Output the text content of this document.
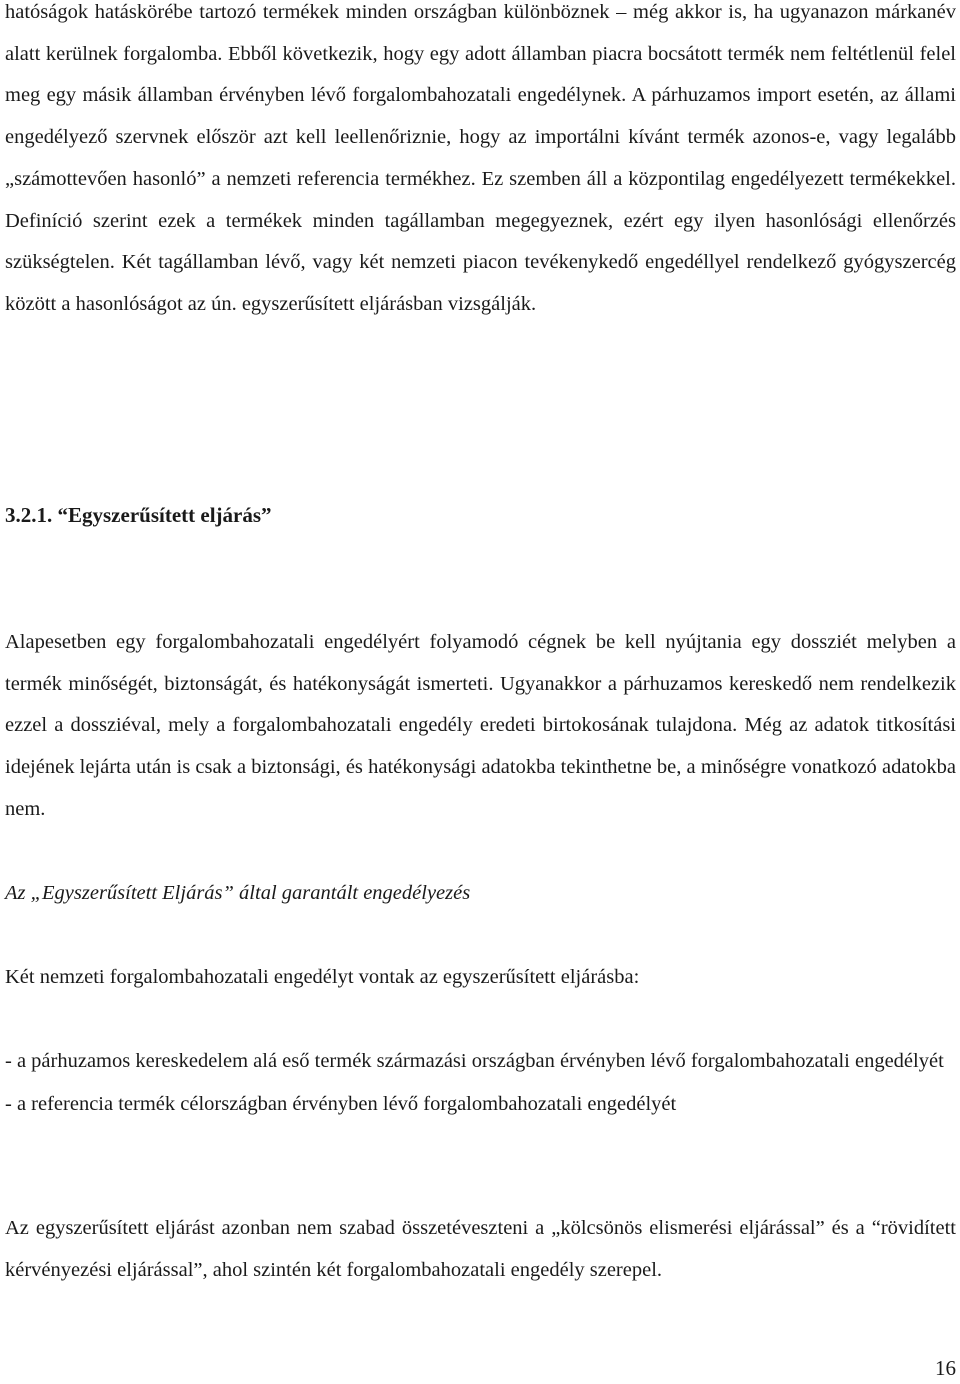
hatóságok hatáskörébe tartozó termékek minden országban különböznek – még akkor is, ha ugyanazon márkanév alatt kerülnek forgalomba. Ebből következik, hogy egy adott államban piacra bocsátott termék nem feltétlenül felel meg egy másik államban érvényben lévő forgalombahozatali engedélynek. A párhuzamos import esetén, az állami engedélyező szervnek először azt kell leellenőriznie, hogy az importálni kívánt termék azonos-e, vagy legalább „számottevően hasonló” a nemzeti referencia termékhez. Ez szemben áll a központilag engedélyezett termékekkel. Definíció szerint ezek a termékek minden tagállamban megegyeznek, ezért egy ilyen hasonlósági ellenőrzés szükségtelen. Két tagállamban lévő, vagy két nemzeti piacon tevékenykedő engedéllyel rendelkező gyógyszercég között a hasonlóságot az ún. egyszerűsített eljárásban vizsgálják.

3.2.1. “Egyszerűsített eljárás”

Alapesetben egy forgalombahozatali engedélyért folyamodó cégnek be kell nyújtania egy dossziét melyben a termék minőségét, biztonságát, és hatékonyságát ismerteti. Ugyanakkor a párhuzamos kereskedő nem rendelkezik ezzel a dossziéval, mely a forgalombahozatali engedély eredeti birtokosának tulajdona. Még az adatok titkosítási idejének lejárta után is csak a biztonsági, és hatékonysági adatokba tekinthetne be, a minőségre vonatkozó adatokba nem.

Az „Egyszerűsített Eljárás” által garantált engedélyezés

Két nemzeti forgalombahozatali engedélyt vontak az egyszerűsített eljárásba:

- a párhuzamos kereskedelem alá eső termék származási országban érvényben lévő forgalombahozatali engedélyét

- a referencia termék célországban érvényben lévő forgalombahozatali engedélyét

Az egyszerűsített eljárást azonban nem szabad összetéveszteni a „kölcsönös elismerési eljárással” és a “rövidített kérvényezési eljárással”, ahol szintén két forgalombahozatali engedély szerepel.

16
